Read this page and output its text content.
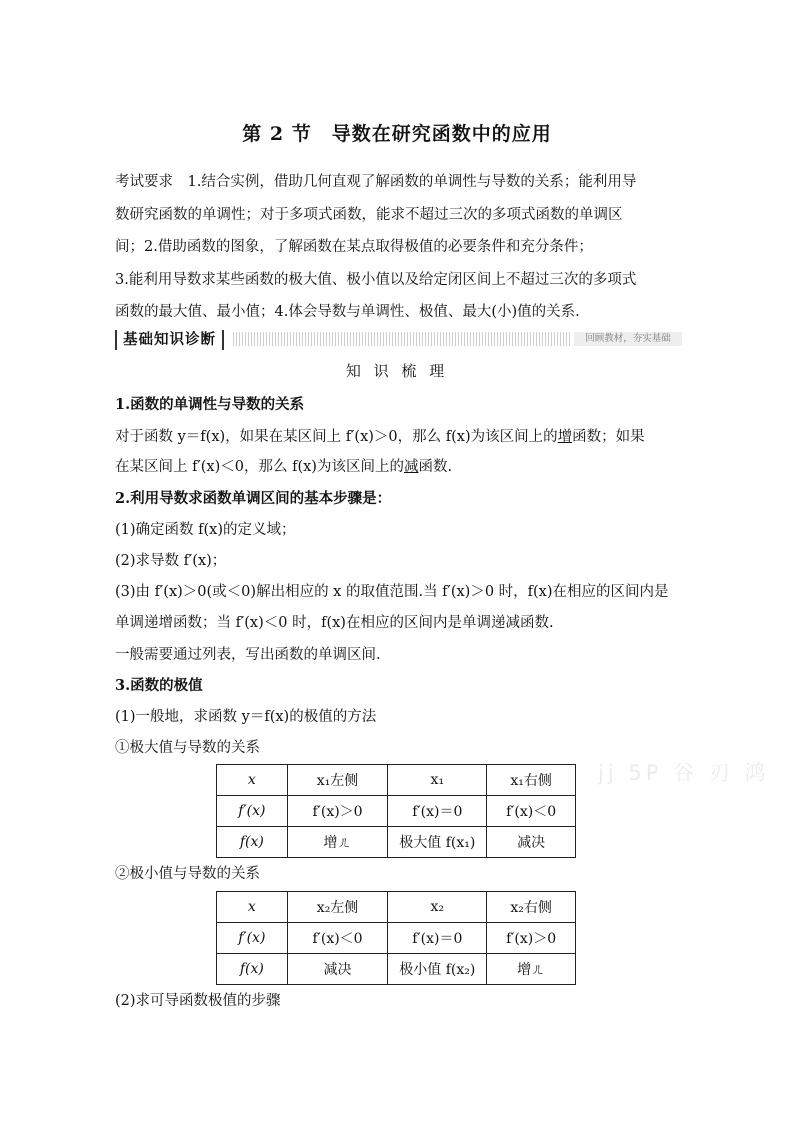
第 2 节　导数在研究函数中的应用

考试要求　1.结合实例，借助几何直观了解函数的单调性与导数的关系；能利用导

数研究函数的单调性；对于多项式函数，能求不超过三次的多项式函数的单调区

间；2.借助函数的图象，了解函数在某点取得极值的必要条件和充分条件；

3.能利用导数求某些函数的极大值、极小值以及给定闭区间上不超过三次的多项式

函数的最大值、最小值；4.体会导数与单调性、极值、最大(小)值的关系.

基础知识诊断	回顾教材，夯实基础
知 识 梳 理
1.函数的单调性与导数的关系
对于函数 y＝f(x)，如果在某区间上 f′(x)＞0，那么 f(x)为该区间上的增函数；如果
在某区间上 f′(x)＜0，那么 f(x)为该区间上的减函数.
2.利用导数求函数单调区间的基本步骤是：
(1)确定函数 f(x)的定义域；
(2)求导数 f′(x)；
(3)由 f′(x)＞0(或＜0)解出相应的 x 的取值范围.当 f′(x)＞0 时，f(x)在相应的区间内是
单调递增函数；当 f′(x)＜0 时，f(x)在相应的区间内是单调递减函数.
一般需要通过列表，写出函数的单调区间.
3.函数的极值
(1)一般地，求函数 y＝f(x)的极值的方法
①极大值与导数的关系
②极小值与导数的关系
(2)求可导函数极值的步骤
x	x₁左侧	x₁	x₁右侧
f′(x)	f′(x)＞0	f′(x)＝0	f′(x)＜0
f(x)	增ㄦ	极大值 f(x₁)	减决
x	x₂左侧	x₂	x₂右侧
f′(x)	f′(x)＜0	f′(x)＝0	f′(x)＞0
f(x)	减决	极小值 f(x₂)	增ㄦ
jj 5P 谷 刃 鸿
